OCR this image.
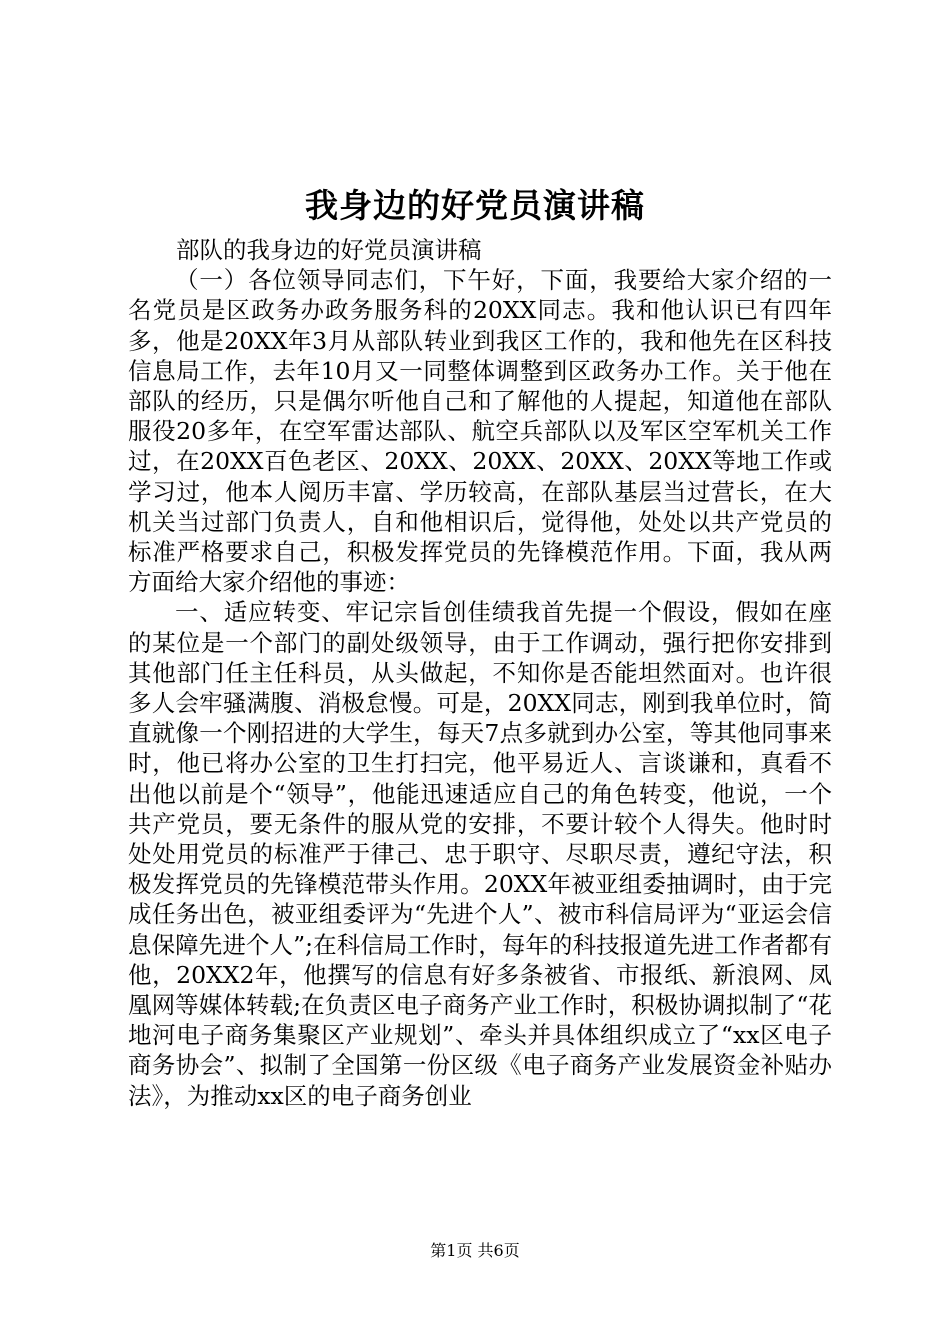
我身边的好党员演讲稿

部队的我身边的好党员演讲稿

（一）各位领导同志们，下午好，下面，我要给大家介绍的一名党员是区政务办政务服务科的20XX同志。我和他认识已有四年多，他是20XX年3月从部队转业到我区工作的，我和他先在区科技信息局工作，去年10月又一同整体调整到区政务办工作。关于他在部队的经历，只是偶尔听他自己和了解他的人提起，知道他在部队服役20多年，在空军雷达部队、航空兵部队以及军区空军机关工作过，在20XX百色老区、20XX、20XX、20XX、20XX等地工作或学习过，他本人阅历丰富、学历较高，在部队基层当过营长，在大机关当过部门负责人，自和他相识后，觉得他，处处以共产党员的标准严格要求自己，积极发挥党员的先锋模范作用。下面，我从两方面给大家介绍他的事迹：

一、适应转变、牢记宗旨创佳绩我首先提一个假设，假如在座的某位是一个部门的副处级领导，由于工作调动，强行把你安排到其他部门任主任科员，从头做起，不知你是否能坦然面对。也许很多人会牢骚满腹、消极怠慢。可是，20XX同志，刚到我单位时，简直就像一个刚招进的大学生，每天7点多就到办公室，等其他同事来时，他已将办公室的卫生打扫完，他平易近人、言谈谦和，真看不出他以前是个“领导”，他能迅速适应自己的角色转变，他说，一个共产党员，要无条件的服从党的安排，不要计较个人得失。他时时处处用党员的标准严于律己、忠于职守、尽职尽责，遵纪守法，积极发挥党员的先锋模范带头作用。20XX年被亚组委抽调时，由于完成任务出色，被亚组委评为“先进个人”、被市科信局评为“亚运会信息保障先进个人”;在科信局工作时，每年的科技报道先进工作者都有他，20XX2年，他撰写的信息有好多条被省、市报纸、新浪网、凤凰网等媒体转载;在负责区电子商务产业工作时，积极协调拟制了“花地河电子商务集聚区产业规划”、牵头并具体组织成立了“xx区电子商务协会”、拟制了全国第一份区级《电子商务产业发展资金补贴办法》，为推动xx区的电子商务创业

第1页 共6页
